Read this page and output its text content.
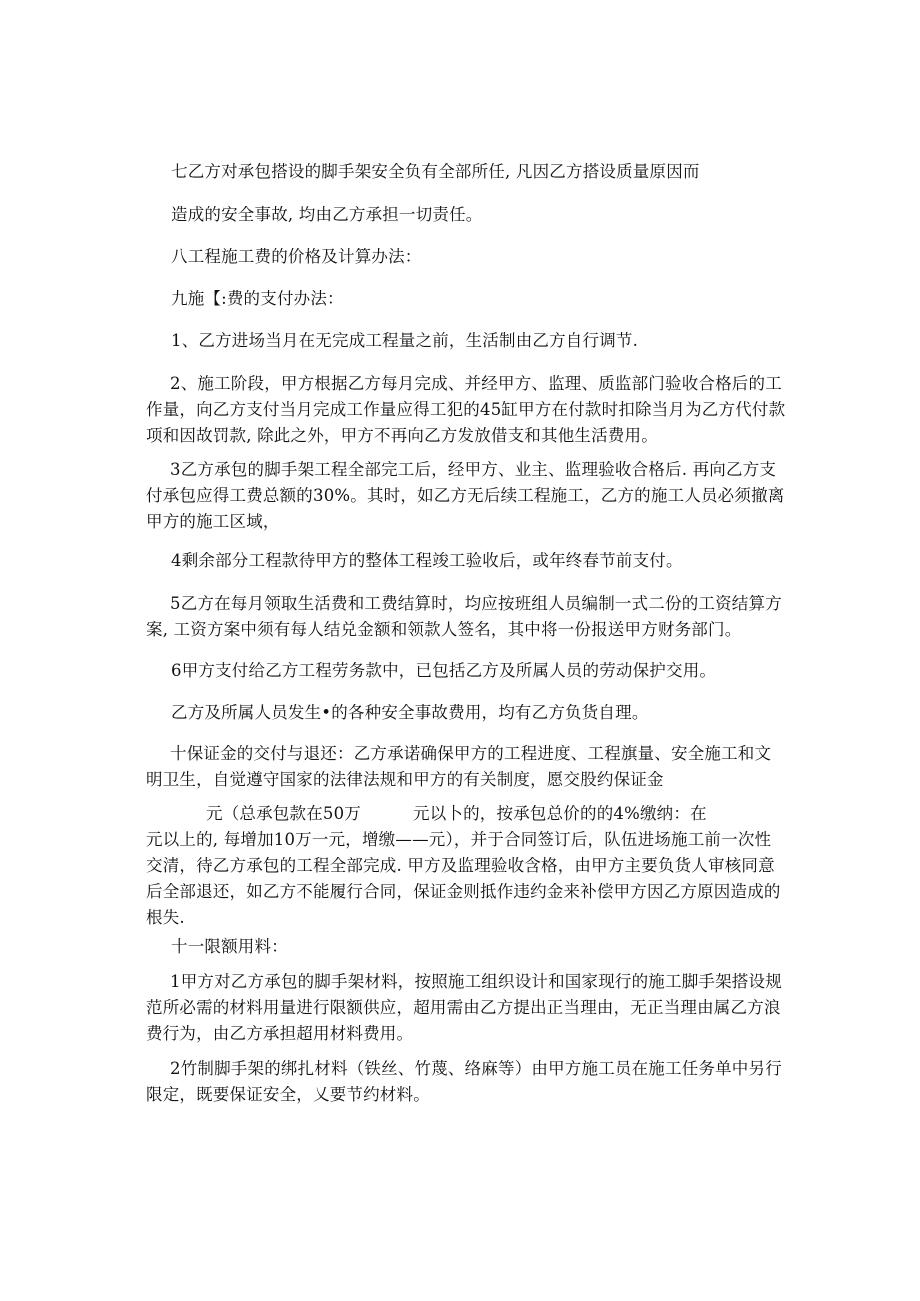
七乙方对承包搭设的脚手架安全负有全部所任, 凡因乙方搭设质量原因而
造成的安全事故, 均由乙方承担一切责任。
八工程施工费的价格及计算办法：
九施【:费的支付办法：
1、乙方进场当月在无完成工程量之前，生活制由乙方自行调节.
2、施工阶段，甲方根据乙方每月完成、并经甲方、监理、质监部门验收合格后的工
作量，向乙方支付当月完成工作量应得工犯的45缸甲方在付款时扣除当月为乙方代付款
项和因故罚款, 除此之外，甲方不再向乙方发放借支和其他生活费用。
3乙方承包的脚手架工程全部完工后，经甲方、业主、监理验收合格后. 再向乙方支
付承包应得工费总额的30%。其时，如乙方无后续工程施工，乙方的施工人员必须撤离
甲方的施工区域，
4剩余部分工程款待甲方的整体工程竣工验收后，或年终春节前支付。
5乙方在每月领取生活费和工费结算时，均应按班组人员编制一式二份的工资结算方
案, 工资方案中须有每人结兑金额和领款人签名，其中将一份报送甲方财务部门。
6甲方支付给乙方工程劳务款中，已包括乙方及所属人员的劳动保护交用。
乙方及所属人员发生•的各种安全事故费用，均有乙方负货自理。
十保证金的交付与退还：乙方承诺确保甲方的工程进度、工程旗量、安全施工和文
明卫生，自觉遵守国家的法律法规和甲方的有关制度，愿交股约保证金
元（总承包款在50万	元以卜的，按承包总价的的4%缴纳：在
元以上的, 每增加10万一元，增缴——元），并于合同签订后，队伍进场施工前一次性
交清，待乙方承包的工程全部完成. 甲方及监理验收含格，由甲方主要负货人审核同意
后全部退还，如乙方不能履行合同，保证金则抵作违约金来补偿甲方因乙方原因造成的
根失.
十一限额用料：
1甲方对乙方承包的脚手架材料，按照施工组织设计和国家现行的施工脚手架搭设规
范所必需的材料用量进行限额供应，超用需由乙方提出正当理由，无正当理由属乙方浪
费行为，由乙方承担超用材料费用。
2竹制脚手架的绑扎材料（铁丝、竹蔑、络麻等）由甲方施工员在施工任务单中另行
限定，既要保证安全，乂要节约材料。
